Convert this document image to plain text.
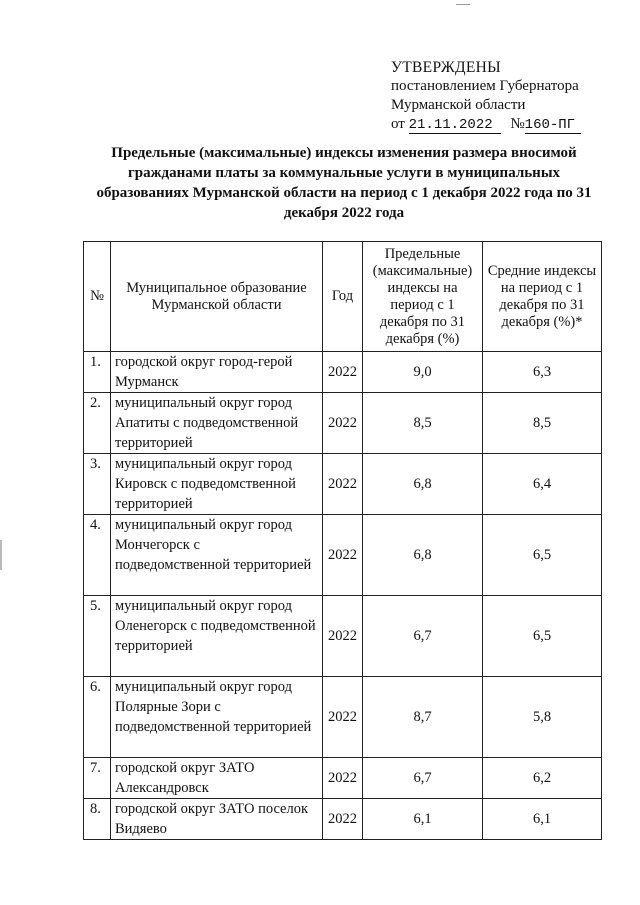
УТВЕРЖДЕНЫ
постановлением Губернатора
Мурманской области
от 21.11.2022 №160-ПГ
Предельные (максимальные) индексы изменения размера вносимой гражданами платы за коммунальные услуги в муниципальных образованиях Мурманской области на период с 1 декабря 2022 года по 31 декабря 2022 года
№	Муниципальное образование Мурманской области	Год	Предельные (максимальные) индексы на период с 1 декабря по 31 декабря (%)	Средние индексы на период с 1 декабря по 31 декабря (%)*
1.	городской округ город-герой Мурманск	2022	9,0	6,3
2.	муниципальный округ город Апатиты с подведомственной территорией	2022	8,5	8,5
3.	муниципальный округ город Кировск с подведомственной территорией	2022	6,8	6,4
4.	муниципальный округ город Мончегорск с подведомственной территорией	2022	6,8	6,5
5.	муниципальный округ город Оленегорск с подведомственной территорией	2022	6,7	6,5
6.	муниципальный округ город Полярные Зори с подведомственной территорией	2022	8,7	5,8
7.	городской округ ЗАТО Александровск	2022	6,7	6,2
8.	городской округ ЗАТО поселок Видяево	2022	6,1	6,1
